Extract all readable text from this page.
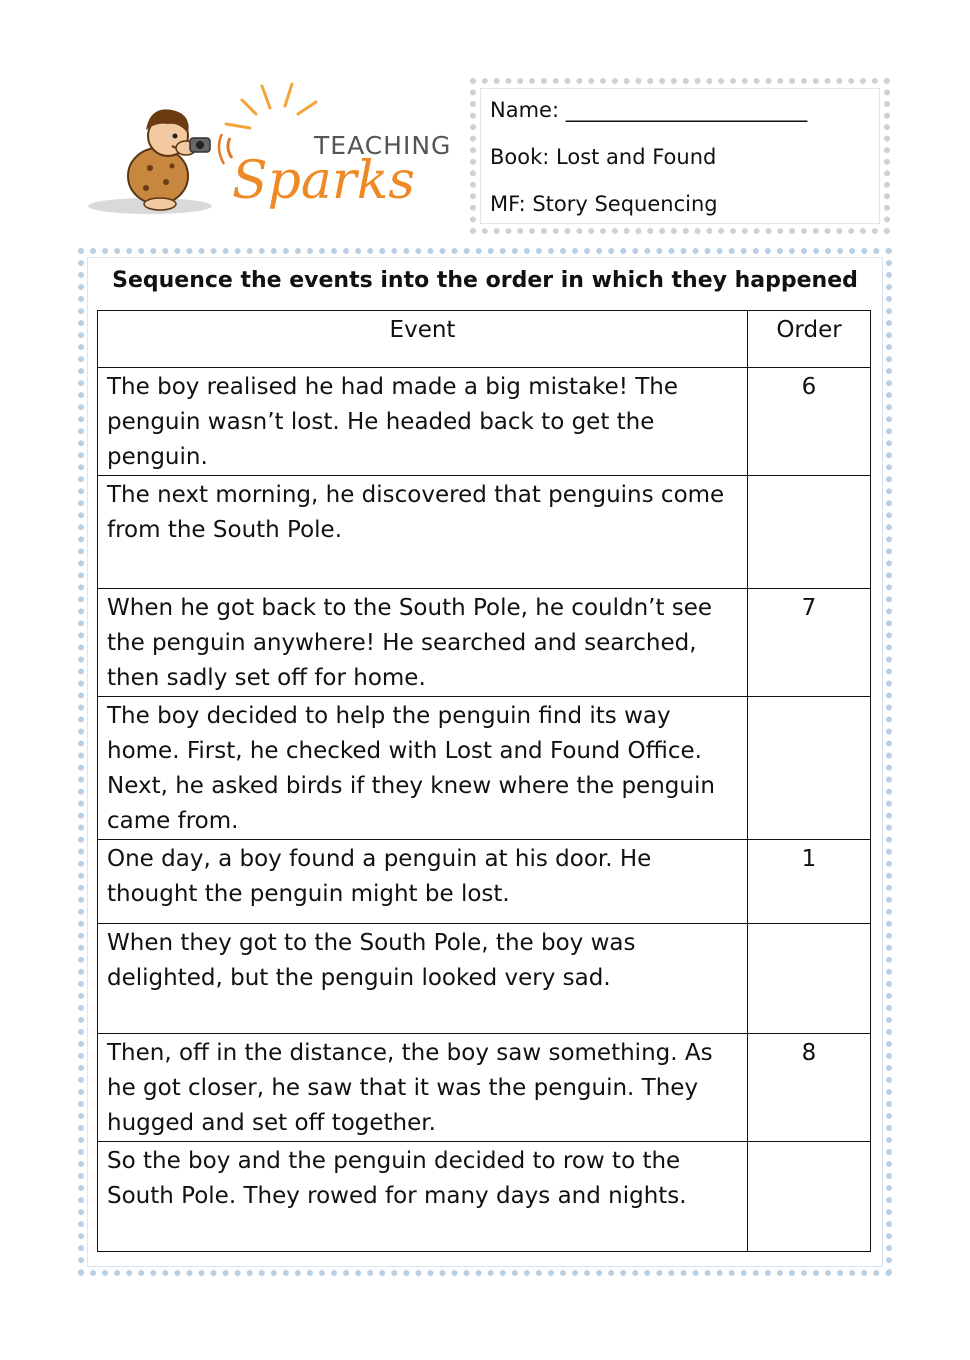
TEACHING
Sparks
Name: _______________________
Book: Lost and Found
MF: Story Sequencing
Sequence the events into the order in which they happened
Event	Order
The boy realised he had made a big mistake! The penguin wasn’t lost. He headed back to get the penguin.	6
The next morning, he discovered that penguins come from the South Pole.	
When he got back to the South Pole, he couldn’t see the penguin anywhere! He searched and searched, then sadly set off for home.	7
The boy decided to help the penguin find its way home. First, he checked with Lost and Found Office. Next, he asked birds if they knew where the penguin came from.	
One day, a boy found a penguin at his door. He thought the penguin might be lost.	1
When they got to the South Pole, the boy was delighted, but the penguin looked very sad.	
Then, off in the distance, the boy saw something. As he got closer, he saw that it was the penguin. They hugged and set off together.	8
So the boy and the penguin decided to row to the South Pole. They rowed for many days and nights.	
